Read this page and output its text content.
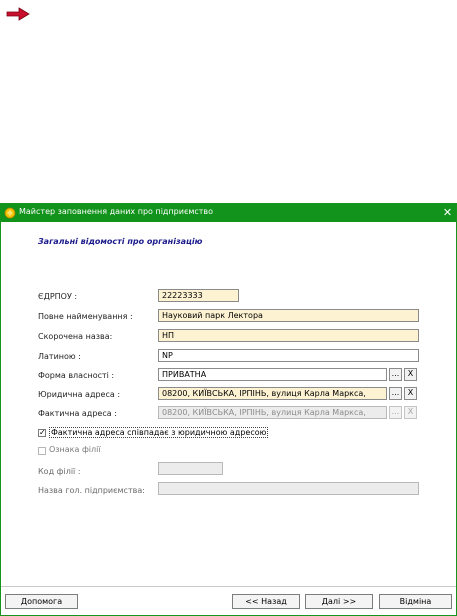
Майстер заповнення даних про підприємство	✕
Загальні відомості про організацію
ЄДРПОУ :	22223333
Повне найменування :	Науковий парк Лектора
Скорочена назва:	НП
Латиною :	NP
Форма власності :	ПРИВАТНА	...	X
Юридична адреса :	08200, КИЇВСЬКА, ІРПІНЬ, вулиця Карла Маркса,	...	X
Фактична адреса :	08200, КИЇВСЬКА, ІРПІНЬ, вулиця Карла Маркса,	...	X
✓ Фактична адреса співпадає з юридичною адресою
Ознака філії
Код філії :
Назва гол. підприємства:
Допомога	<< Назад	Далі >>	Відміна
